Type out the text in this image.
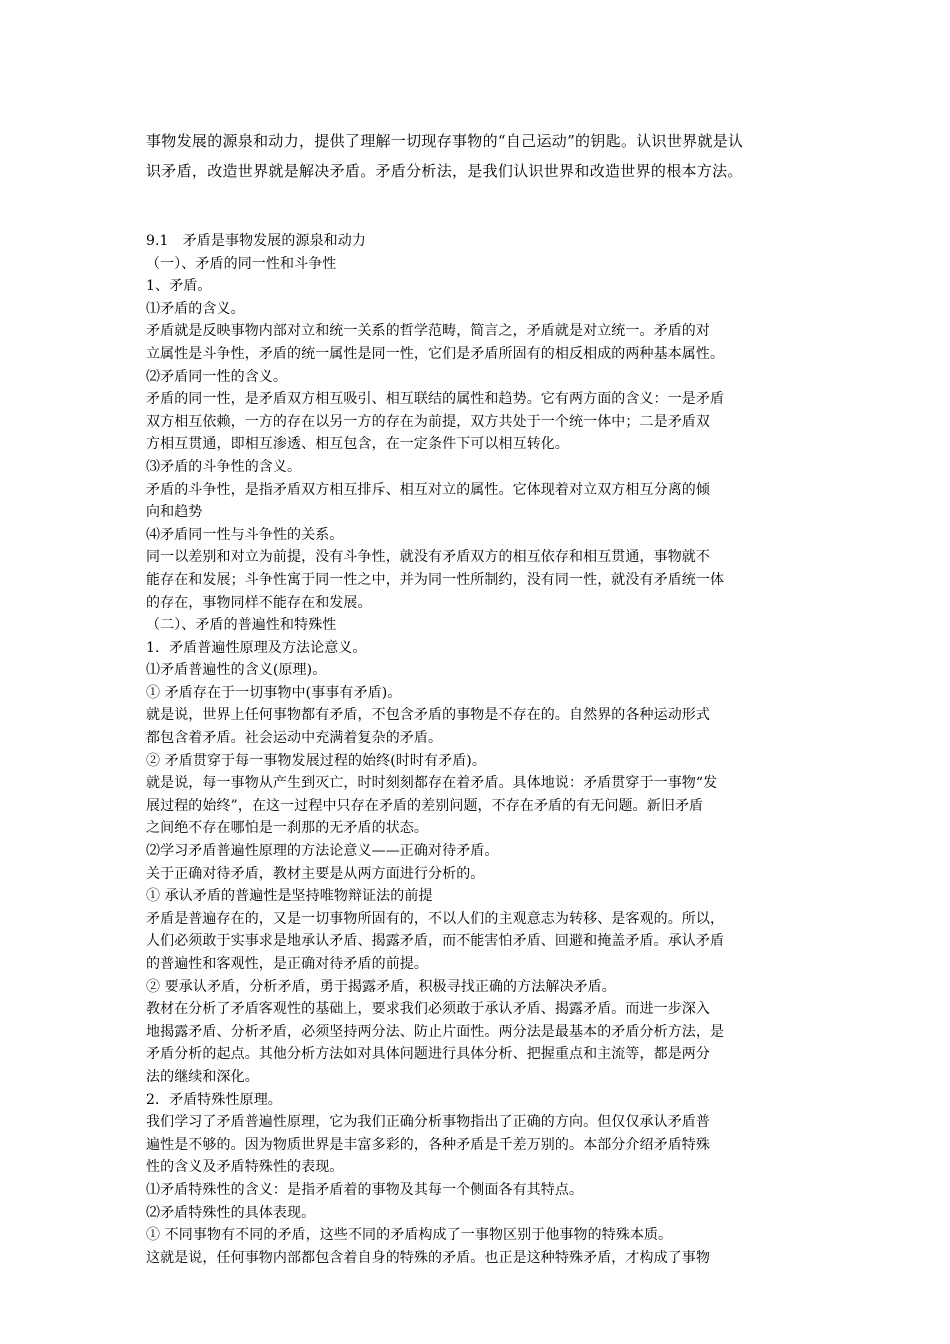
事物发展的源泉和动力，提供了理解一切现存事物的“自己运动”的钥匙。认识世界就是认

识矛盾，改造世界就是解决矛盾。矛盾分析法，是我们认识世界和改造世界的根本方法。

9.1　矛盾是事物发展的源泉和动力

（一）、矛盾的同一性和斗争性

1、矛盾。

⑴矛盾的含义。

矛盾就是反映事物内部对立和统一关系的哲学范畴，简言之，矛盾就是对立统一。矛盾的对

立属性是斗争性，矛盾的统一属性是同一性，它们是矛盾所固有的相反相成的两种基本属性。

⑵矛盾同一性的含义。

矛盾的同一性，是矛盾双方相互吸引、相互联结的属性和趋势。它有两方面的含义：一是矛盾

双方相互依赖，一方的存在以另一方的存在为前提，双方共处于一个统一体中；二是矛盾双

方相互贯通，即相互渗透、相互包含，在一定条件下可以相互转化。

⑶矛盾的斗争性的含义。

矛盾的斗争性，是指矛盾双方相互排斥、相互对立的属性。它体现着对立双方相互分离的倾

向和趋势

⑷矛盾同一性与斗争性的关系。

同一以差别和对立为前提，没有斗争性，就没有矛盾双方的相互依存和相互贯通，事物就不

能存在和发展；斗争性寓于同一性之中，并为同一性所制约，没有同一性，就没有矛盾统一体

的存在，事物同样不能存在和发展。

（二）、矛盾的普遍性和特殊性

1．矛盾普遍性原理及方法论意义。

⑴矛盾普遍性的含义(原理)。

① 矛盾存在于一切事物中(事事有矛盾)。

就是说，世界上任何事物都有矛盾，不包含矛盾的事物是不存在的。自然界的各种运动形式

都包含着矛盾。社会运动中充满着复杂的矛盾。

② 矛盾贯穿于每一事物发展过程的始终(时时有矛盾)。

就是说，每一事物从产生到灭亡，时时刻刻都存在着矛盾。具体地说：矛盾贯穿于一事物“发

展过程的始终”，在这一过程中只存在矛盾的差别问题，不存在矛盾的有无问题。新旧矛盾

之间绝不存在哪怕是一刹那的无矛盾的状态。

⑵学习矛盾普遍性原理的方法论意义——正确对待矛盾。

关于正确对待矛盾，教材主要是从两方面进行分析的。

① 承认矛盾的普遍性是坚持唯物辩证法的前提

矛盾是普遍存在的，又是一切事物所固有的，不以人们的主观意志为转移、是客观的。所以，

人们必须敢于实事求是地承认矛盾、揭露矛盾，而不能害怕矛盾、回避和掩盖矛盾。承认矛盾

的普遍性和客观性，是正确对待矛盾的前提。

② 要承认矛盾，分析矛盾，勇于揭露矛盾，积极寻找正确的方法解决矛盾。

教材在分析了矛盾客观性的基础上，要求我们必须敢于承认矛盾、揭露矛盾。而进一步深入

地揭露矛盾、分析矛盾，必须坚持两分法、防止片面性。两分法是最基本的矛盾分析方法，是

矛盾分析的起点。其他分析方法如对具体问题进行具体分析、把握重点和主流等，都是两分

法的继续和深化。

2．矛盾特殊性原理。

我们学习了矛盾普遍性原理，它为我们正确分析事物指出了正确的方向。但仅仅承认矛盾普

遍性是不够的。因为物质世界是丰富多彩的，各种矛盾是千差万别的。本部分介绍矛盾特殊

性的含义及矛盾特殊性的表现。

⑴矛盾特殊性的含义：是指矛盾着的事物及其每一个侧面各有其特点。

⑵矛盾特殊性的具体表现。

① 不同事物有不同的矛盾，这些不同的矛盾构成了一事物区别于他事物的特殊本质。

这就是说，任何事物内部都包含着自身的特殊的矛盾。也正是这种特殊矛盾，才构成了事物
